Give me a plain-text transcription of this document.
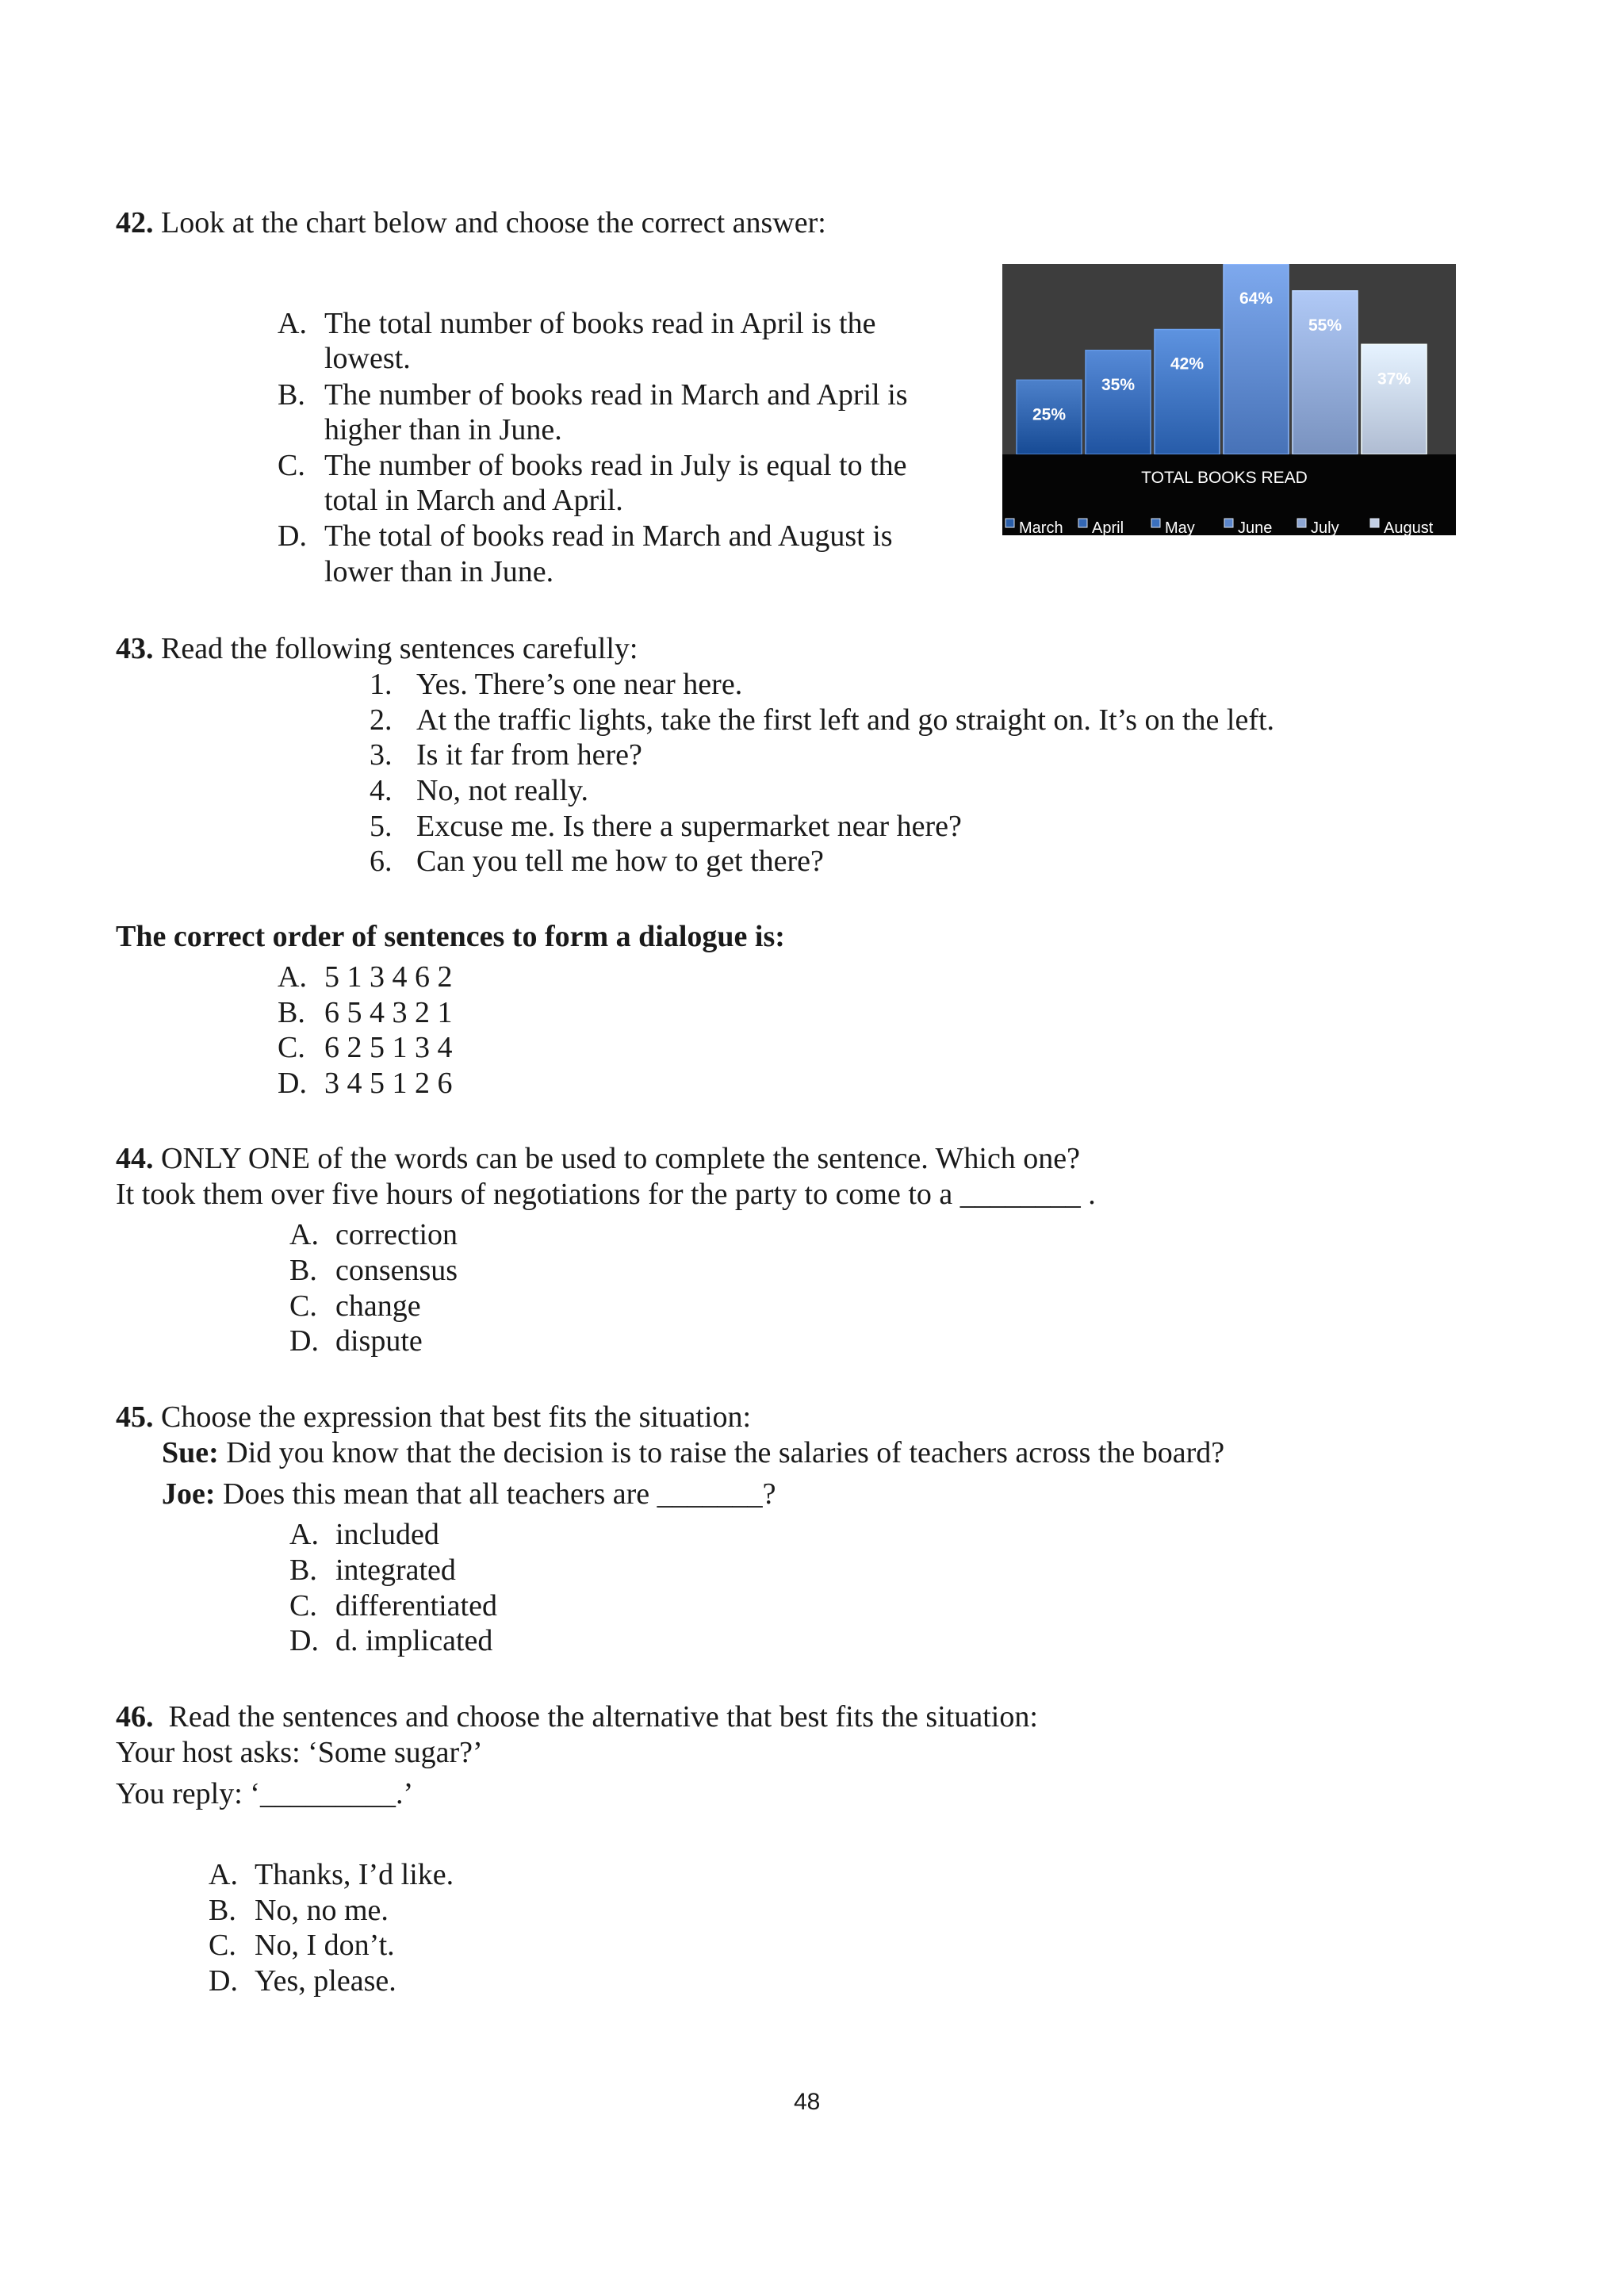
42. Look at the chart below and choose the correct answer:
A. The total number of books read in April is the
lowest.
B. The number of books read in March and April is
higher than in June.
C. The number of books read in July is equal to the
total in March and April.
D. The total of books read in March and August is
lower than in June.
25%
35%
42%
64%
55%
37%
TOTAL BOOKS READ
March April	May	June July	August
43. Read the following sentences carefully:
1. Yes. There’s one near here.
2. At the traffic lights, take the first left and go straight on. It’s on the left.
3. Is it far from here?
4. No, not really.
5. Excuse me. Is there a supermarket near here?
6. Can you tell me how to get there?
The correct order of sentences to form a dialogue is:
A. 5 1 3 4 6 2
B. 6 5 4 3 2 1
C. 6 2 5 1 3 4
D. 3 4 5 1 2 6
44. ONLY ONE of the words can be used to complete the sentence. Which one?
It took them over five hours of negotiations for the party to come to a ________ .
A. correction
B. consensus
C. change
D. dispute
45. Choose the expression that best fits the situation:
Sue: Did you know that the decision is to raise the salaries of teachers across the board?
Joe: Does this mean that all teachers are _______?
A. included
B. integrated
C. differentiated
D. d. implicated
46. Read the sentences and choose the alternative that best fits the situation:
Your host asks: ‘Some sugar?’
You reply: ‘_________.’
A. Thanks, I’d like.
B. No, no me.
C. No, I don’t.
D. Yes, please.
48
